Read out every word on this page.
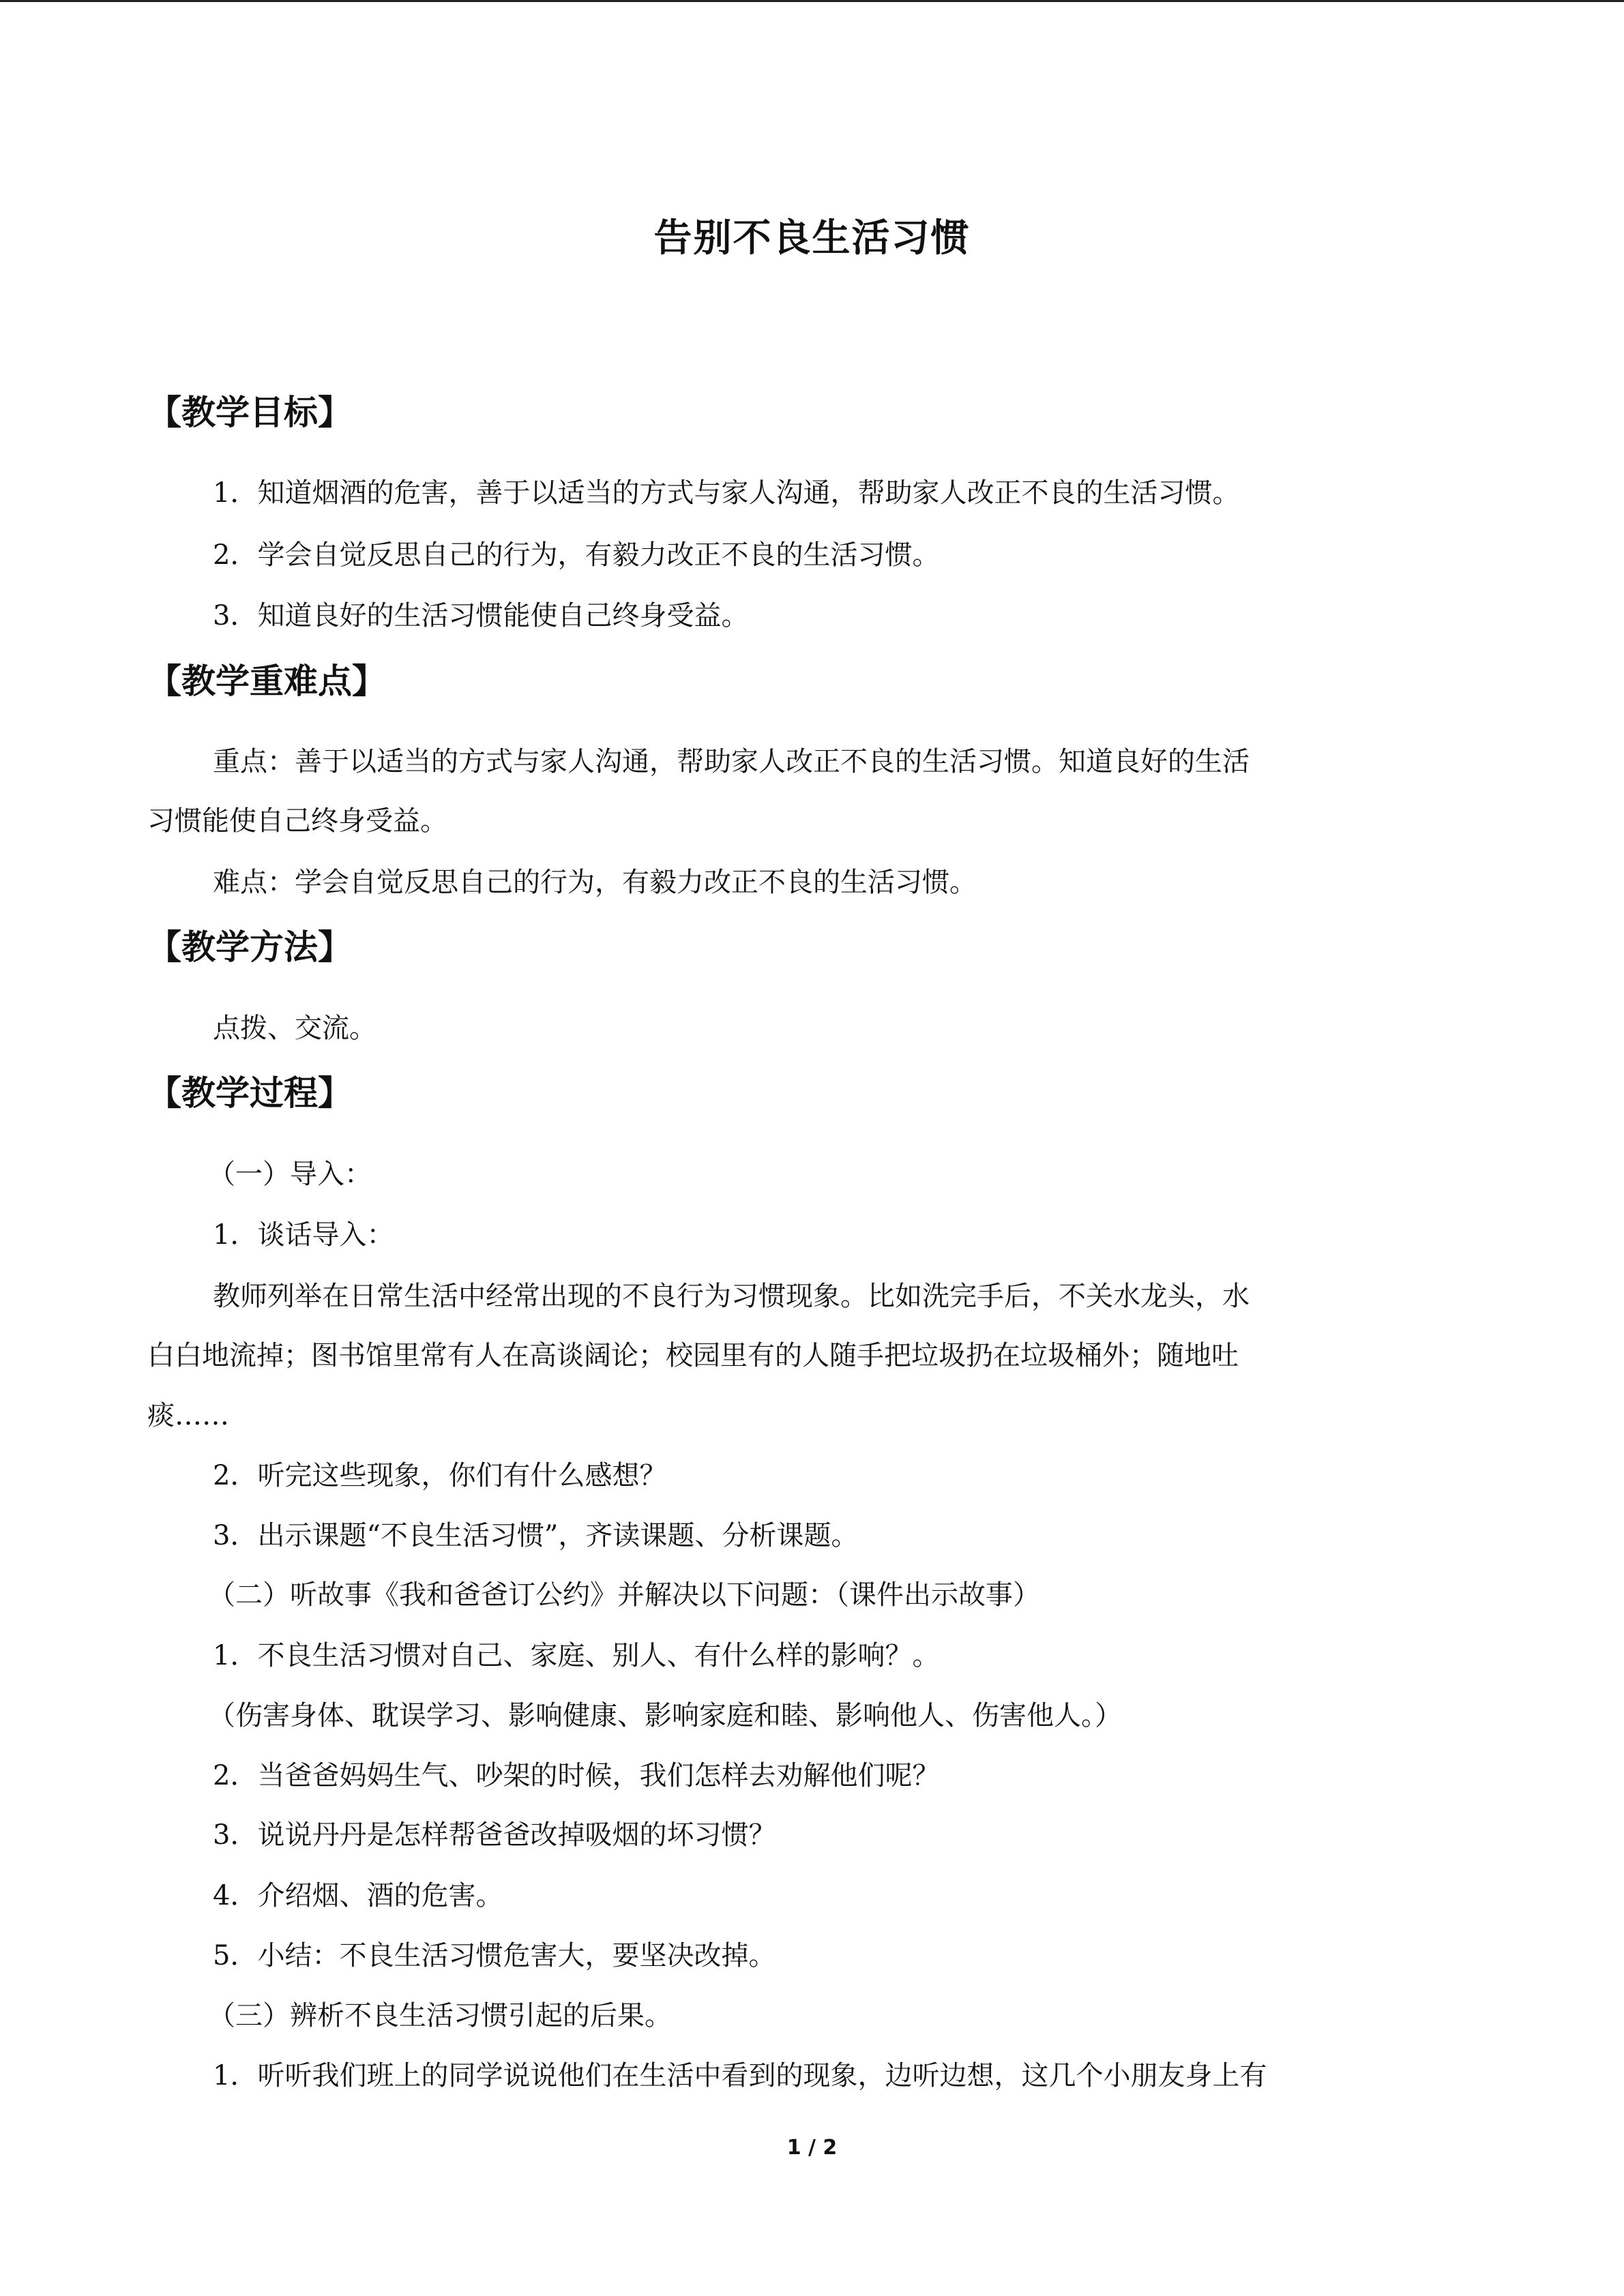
告别不良生活习惯
【教学目标】
1．知道烟酒的危害，善于以适当的方式与家人沟通，帮助家人改正不良的生活习惯。
2．学会自觉反思自己的行为，有毅力改正不良的生活习惯。
3．知道良好的生活习惯能使自己终身受益。
【教学重难点】
重点：善于以适当的方式与家人沟通，帮助家人改正不良的生活习惯。知道良好的生活
习惯能使自己终身受益。
难点：学会自觉反思自己的行为，有毅力改正不良的生活习惯。
【教学方法】
点拨、交流。
【教学过程】
（一）导入：
1．谈话导入：
教师列举在日常生活中经常出现的不良行为习惯现象。比如洗完手后，不关水龙头，水
白白地流掉；图书馆里常有人在高谈阔论；校园里有的人随手把垃圾扔在垃圾桶外；随地吐
痰……
2．听完这些现象，你们有什么感想？
3．出示课题“不良生活习惯”，齐读课题、分析课题。
（二）听故事《我和爸爸订公约》并解决以下问题：（课件出示故事）
1．不良生活习惯对自己、家庭、别人、有什么样的影响？。
（伤害身体、耽误学习、影响健康、影响家庭和睦、影响他人、伤害他人。）
2．当爸爸妈妈生气、吵架的时候，我们怎样去劝解他们呢？
3．说说丹丹是怎样帮爸爸改掉吸烟的坏习惯？
4．介绍烟、酒的危害。
5．小结：不良生活习惯危害大，要坚决改掉。
（三）辨析不良生活习惯引起的后果。
1．听听我们班上的同学说说他们在生活中看到的现象，边听边想，这几个小朋友身上有
1 / 2
